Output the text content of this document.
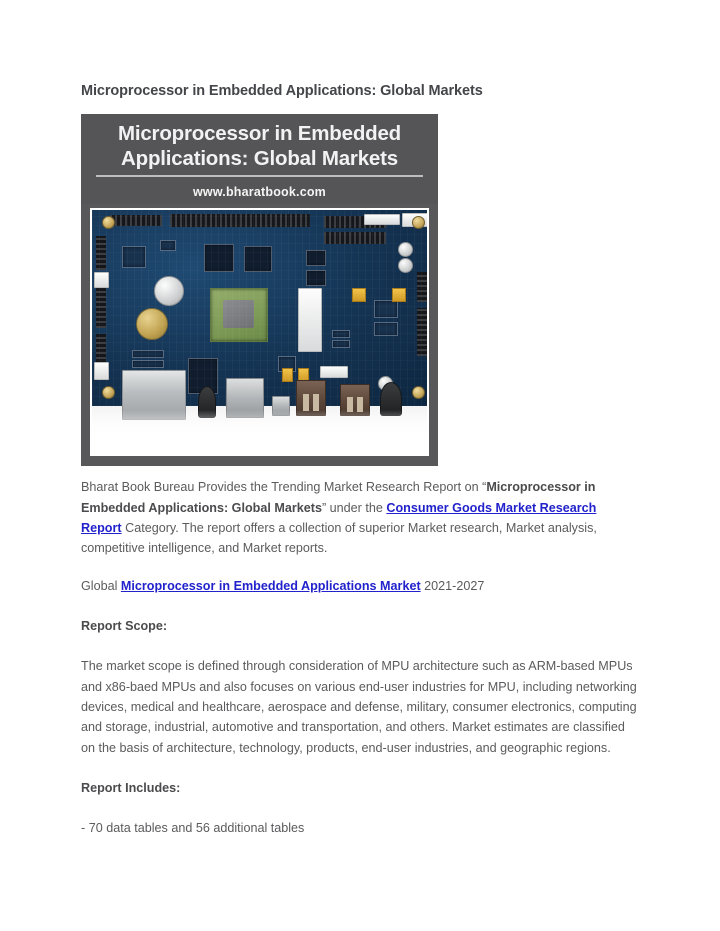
Microprocessor in Embedded Applications: Global Markets
Microprocessor in Embedded
Applications: Global Markets
www.bharatbook.com

Bharat Book Bureau Provides the Trending Market Research Report on “Microprocessor in Embedded Applications: Global Markets” under the Consumer Goods Market Research Report Category. The report offers a collection of superior Market research, Market analysis, competitive intelligence, and Market reports.

Global Microprocessor in Embedded Applications Market 2021-2027

Report Scope:

The market scope is defined through consideration of MPU architecture such as ARM-based MPUs and x86-baed MPUs and also focuses on various end-user industries for MPU, including networking devices, medical and healthcare, aerospace and defense, military, consumer electronics, computing and storage, industrial, automotive and transportation, and others. Market estimates are classified on the basis of architecture, technology, products, end-user industries, and geographic regions.

Report Includes:

- 70 data tables and 56 additional tables
